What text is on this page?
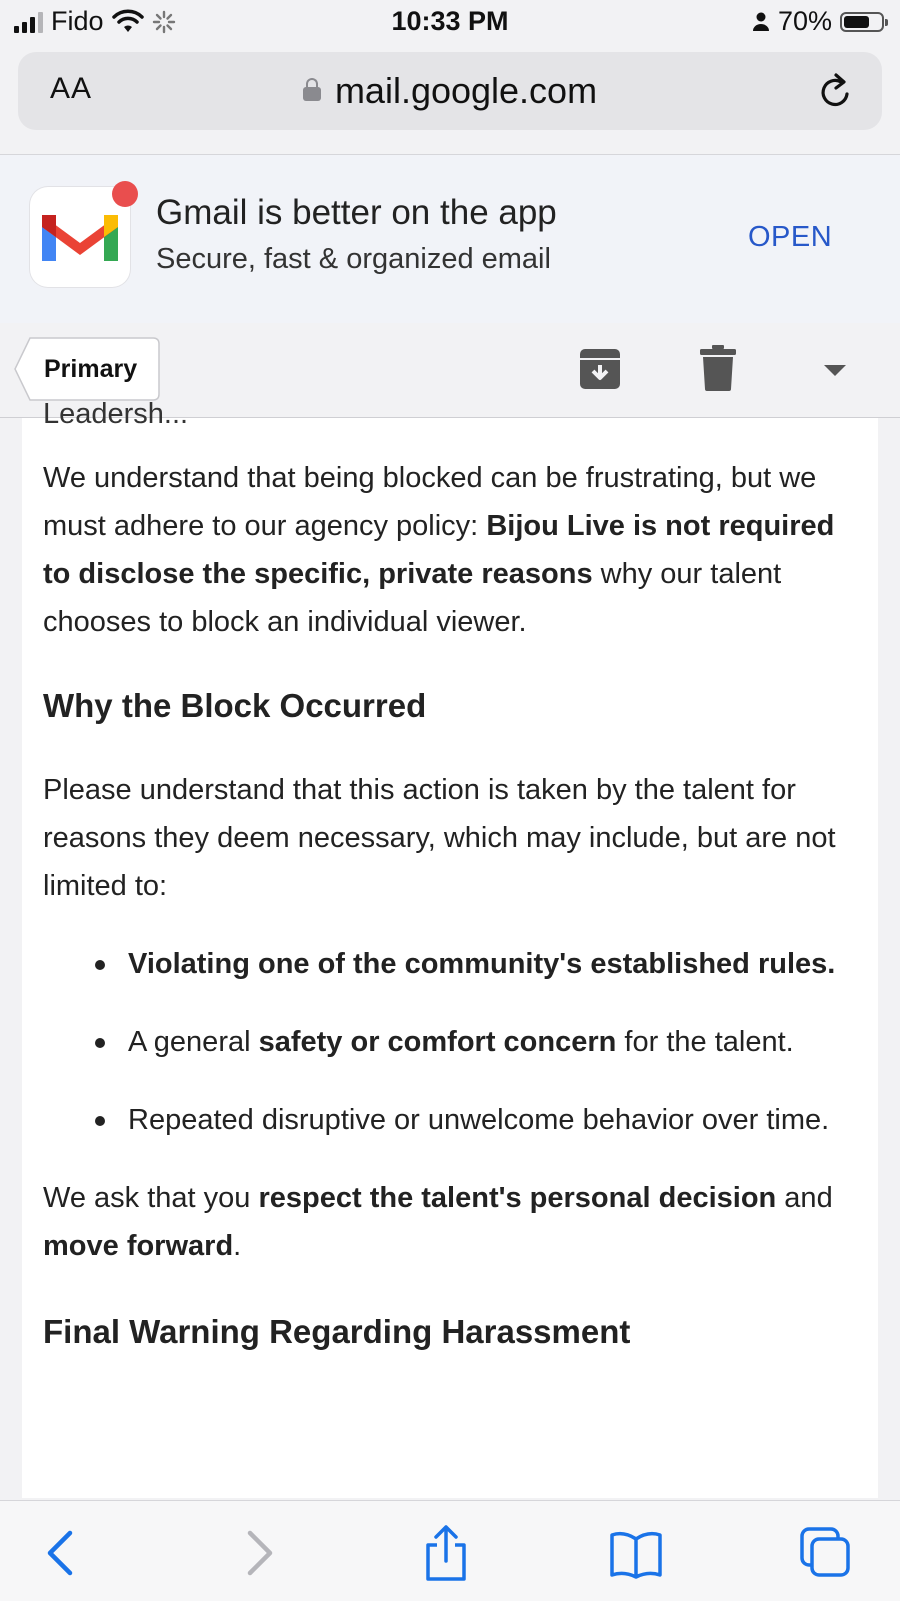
Fido	10:33 PM	70%
AA	mail.google.com
Gmail is better on the app
Secure, fast & organized email
OPEN
Primary

Leadersh...

We understand that being blocked can be frustrating, but we must adhere to our agency policy: Bijou Live is not required to disclose the specific, private reasons why our talent chooses to block an individual viewer.

Why the Block Occurred

Please understand that this action is taken by the talent for reasons they deem necessary, which may include, but are not limited to:

Violating one of the community's established rules.
A general safety or comfort concern for the talent.
Repeated disruptive or unwelcome behavior over time.

We ask that you respect the talent's personal decision and move forward.

Final Warning Regarding Harassment
